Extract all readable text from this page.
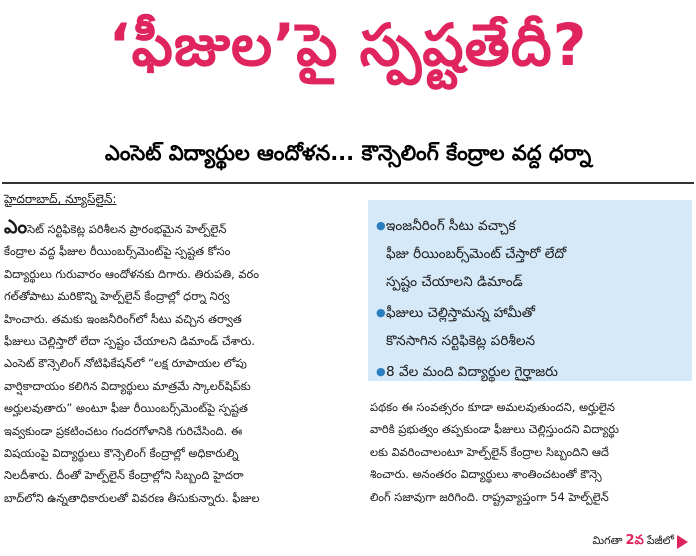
‘ఫీజుల’పై స్పష్టతేదీ?
ఎంసెట్ విద్యార్థుల ఆందోళన... కౌన్సెలింగ్ కేంద్రాల వద్ద ధర్నా
హైదరాబాద్, న్యూస్‌లైన్:

ఎంసెట్ సర్టిఫికెట్ల పరిశీలన ప్రారంభమైన హెల్ప్‌లైన్

కేంద్రాల వద్ద ఫీజుల రీయింబర్స్‌మెంట్‌పై స్పష్టత కోసం

విద్యార్థులు గురువారం ఆందోళనకు దిగారు. తిరుపతి, వరం

గల్‌తోపాటు మరికొన్ని హెల్ప్‌లైన్ కేంద్రాల్లో ధర్నా నిర్వ

హించారు. తమకు ఇంజనీరింగ్‌లో సీటు వచ్చిన తర్వాత

ఫీజులు చెల్లిస్తారో లేదా స్పష్టం చేయాలని డిమాండ్ చేశారు.

ఎంసెట్ కౌన్సెలింగ్ నోటిఫికేషన్‌లో “లక్ష రూపాయల లోపు

వార్షికాదాయం కలిగిన విద్యార్థులు మాత్రమే స్కాలర్‌షిప్‌కు

అర్హులవుతారు” అంటూ ఫీజు రీయింబర్స్‌మెంట్‌పై స్పష్టత

ఇవ్వకుండా ప్రకటించటం గందరగోళానికి గురిచేసింది. ఈ

విషయంపై విద్యార్థులు కౌన్సెలింగ్ కేంద్రాల్లో అధికారుల్ని

నిలదీశారు. దీంతో హెల్ప్‌లైన్ కేంద్రాల్లోని సిబ్బంది హైదరా

బాద్‌లోని ఉన్నతాధికారులతో వివరణ తీసుకున్నారు. ఫీజుల

● ఇంజనీరింగ్ సీటు వచ్చాక
ఫీజు రీయింబర్స్‌మెంట్ చేస్తారో లేదో
స్పష్టం చేయాలని డిమాండ్
● ఫీజులు చెల్లిస్తామన్న హామీతో
కొనసాగిన సర్టిఫికెట్ల పరిశీలన
● 8 వేల మంది విద్యార్థుల గైర్హాజరు

పథకం ఈ సంవత్సరం కూడా అమలవుతుందని, అర్హులైన

వారికి ప్రభుత్వం తప్పకుండా ఫీజులు చెల్లిస్తుందని విద్యార్థు

లకు వివరించాలంటూ హెల్ప్‌లైన్ కేంద్రాల సిబ్బందిని ఆదే

శించారు. అనంతరం విద్యార్థులు శాంతించటంతో కౌన్సె

లింగ్ సజావుగా జరిగింది. రాష్ట్రవ్యాప్తంగా 54 హెల్ప్‌లైన్

మిగతా 2వ పేజీలో
